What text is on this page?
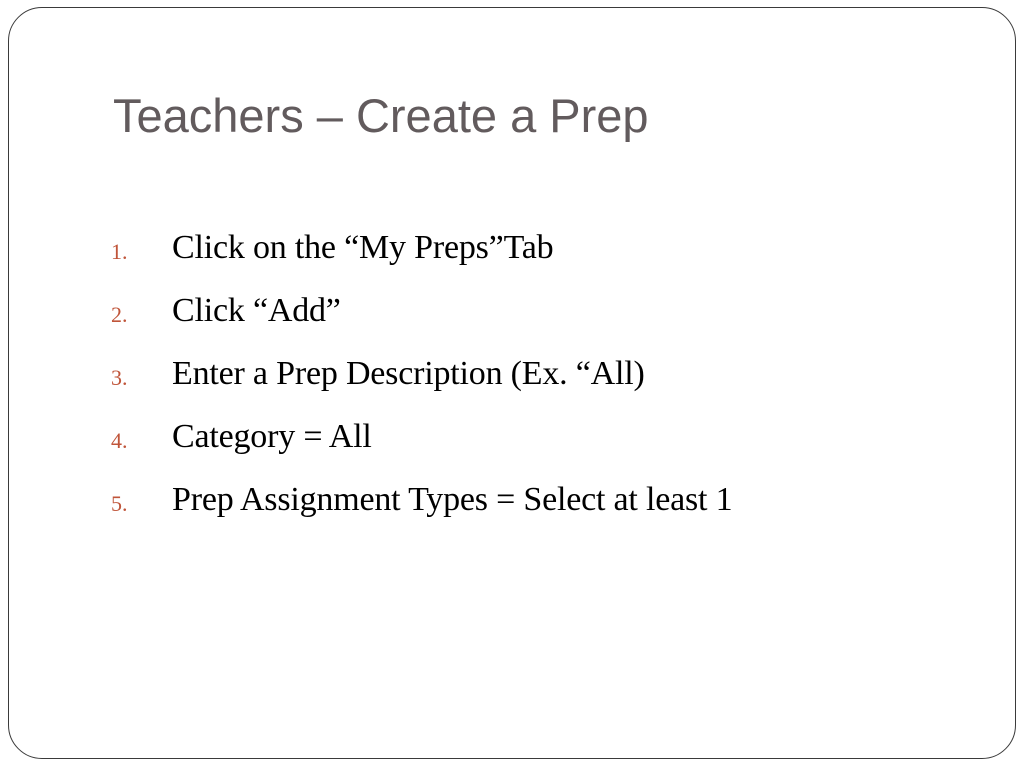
Teachers – Create a Prep
1. Click on the “My Preps”Tab
2. Click “Add”
3. Enter a Prep Description (Ex. “All)
4. Category = All
5. Prep Assignment Types = Select at least 1
